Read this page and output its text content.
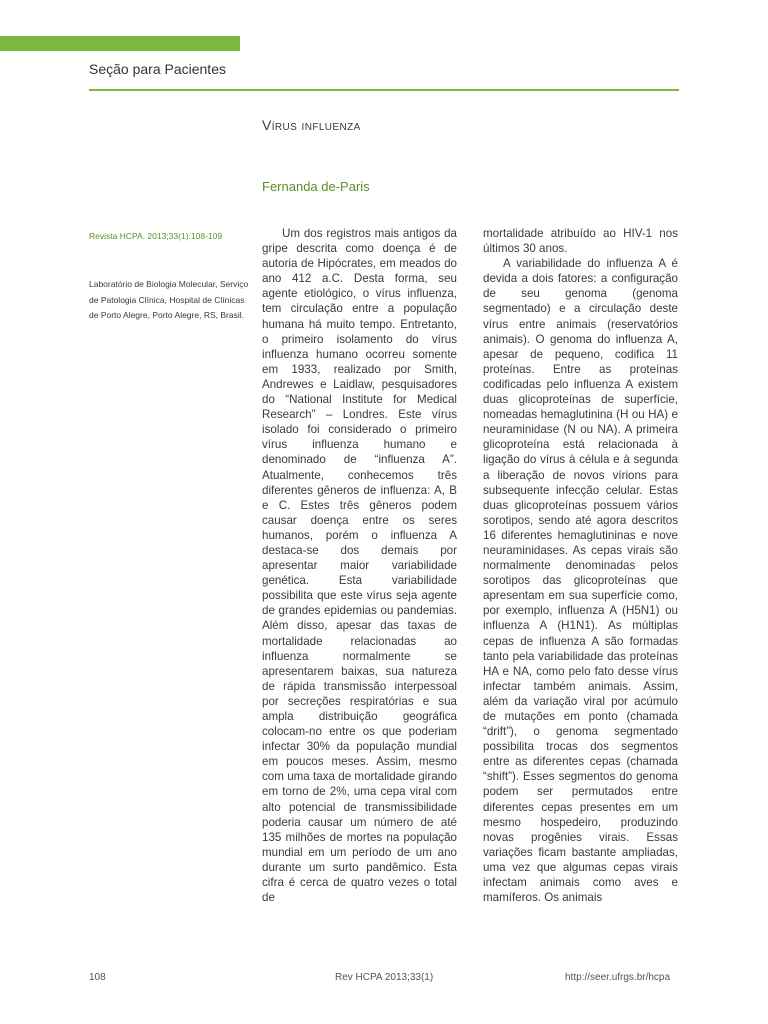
Seção para Pacientes
Vírus influenza
Fernanda de-Paris
Revista HCPA. 2013;33(1):108-109
Laboratório de Biologia Molecular, Serviço de Patologia Clínica, Hospital de Clínicas de Porto Alegre, Porto Alegre, RS, Brasil.

Um dos registros mais antigos da gripe descrita como doença é de autoria de Hipócrates, em meados do ano 412 a.C. Desta forma, seu agente etiológico, o vírus influenza, tem circulação entre a população humana há muito tempo. Entretanto, o primeiro isolamento do vírus influenza humano ocorreu somente em 1933, realizado por Smith, Andrewes e Laidlaw, pesquisadores do “National Institute for Medical Research” – Londres. Este vírus isolado foi considerado o primeiro vírus influenza humano e denominado de “influenza A”. Atualmente, conhecemos três diferentes gêneros de influenza: A, B e C. Estes três gêneros podem causar doença entre os seres humanos, porém o influenza A destaca-se dos demais por apresentar maior variabilidade genética. Esta variabilidade possibilita que este vírus seja agente de grandes epidemias ou pandemias. Além disso, apesar das taxas de mortalidade relacionadas ao influenza normalmente se apresentarem baixas, sua natureza de rápida transmissão interpessoal por secreções respiratórias e sua ampla distribuição geográfica colocam-no entre os que poderiam infectar 30% da população mundial em poucos meses. Assim, mesmo com uma taxa de mortalidade girando em torno de 2%, uma cepa viral com alto potencial de transmissibilidade poderia causar um número de até 135 milhões de mortes na população mundial em um período de um ano durante um surto pandêmico. Esta cifra é cerca de quatro vezes o total de

mortalidade atribuído ao HIV-1 nos últimos 30 anos.

A variabilidade do influenza A é devida a dois fatores: a configuração de seu genoma (genoma segmentado) e a circulação deste vírus entre animais (reservatórios animais). O genoma do influenza A, apesar de pequeno, codifica 11 proteínas. Entre as proteínas codificadas pelo influenza A existem duas glicoproteínas de superfície, nomeadas hemaglutinina (H ou HA) e neuraminidase (N ou NA). A primeira glicoproteína está relacionada à ligação do vírus à célula e à segunda a liberação de novos vírions para subsequente infecção celular. Estas duas glicoproteínas possuem vários sorotipos, sendo até agora descritos 16 diferentes hemaglutininas e nove neuraminidases. As cepas virais são normalmente denominadas pelos sorotipos das glicoproteínas que apresentam em sua superfície como, por exemplo, influenza A (H5N1) ou influenza A (H1N1). As múltiplas cepas de influenza A são formadas tanto pela variabilidade das proteínas HA e NA, como pelo fato desse vírus infectar também animais. Assim, além da variação viral por acúmulo de mutações em ponto (chamada “drift”), o genoma segmentado possibilita trocas dos segmentos entre as diferentes cepas (chamada “shift”). Esses segmentos do genoma podem ser permutados entre diferentes cepas presentes em um mesmo hospedeiro, produzindo novas progênies virais. Essas variações ficam bastante ampliadas, uma vez que algumas cepas virais infectam animais como aves e mamíferos. Os animais

108	Rev HCPA 2013;33(1)	http://seer.ufrgs.br/hcpa
